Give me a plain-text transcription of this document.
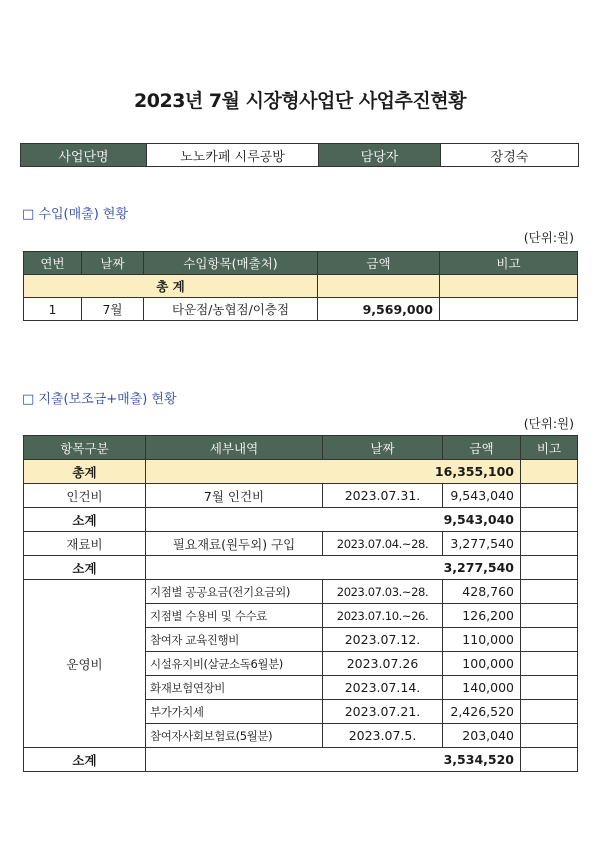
2023년 7월 시장형사업단 사업추진현황
사업단명	노노카페 시루공방	담당자	장경숙
□ 수입(매출) 현황
(단위:원)
연번	날짜	수입항목(매출처)	금액	비고
총 계				
1	7월	타운점/농협점/이층점	9,569,000	
□ 지출(보조금+매출) 현황
(단위:원)
항목구분	세부내역	날짜	금액	비고
총계	16,355,100			
인건비	7월 인건비	2023.07.31.	9,543,040	
소계	9,543,040			
재료비	필요재료(원두외) 구입	2023.07.04.~28.	3,277,540	
소계	3,277,540			
운영비	지점별 공공요금(전기요금외)	2023.07.03.~28.	428,760	
	지점별 수용비 및 수수료	2023.07.10.~26.	126,200	
	참여자 교육진행비	2023.07.12.	110,000	
	시설유지비(살균소독6월분)	2023.07.26	100,000	
	화재보험연장비	2023.07.14.	140,000	
	부가가치세	2023.07.21.	2,426,520	
	참여자사회보험료(5월분)	2023.07.5.	203,040	
소계	3,534,520			
